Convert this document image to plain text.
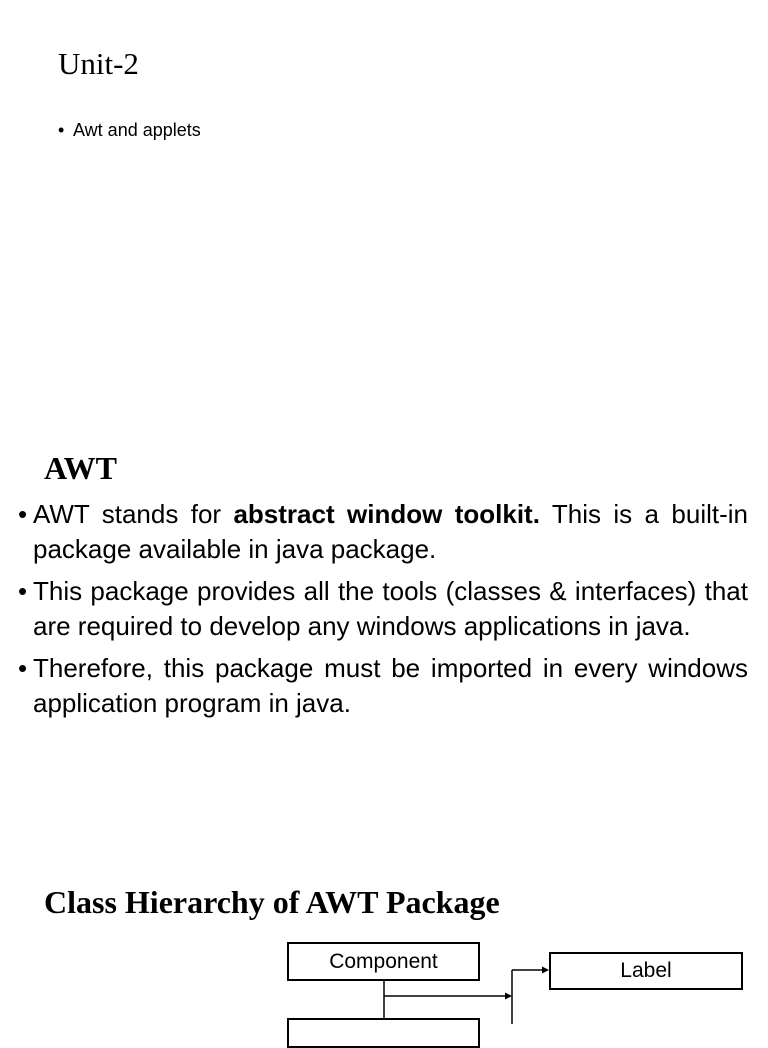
Unit-2
• Awt and applets
AWT
• AWT stands for abstract window toolkit. This is a built-in package available in java package.
• This package provides all the tools (classes & interfaces) that are required to develop any windows applications in java.
• Therefore, this package must be imported in every windows application program in java.
Class Hierarchy of AWT Package
Component	Label
